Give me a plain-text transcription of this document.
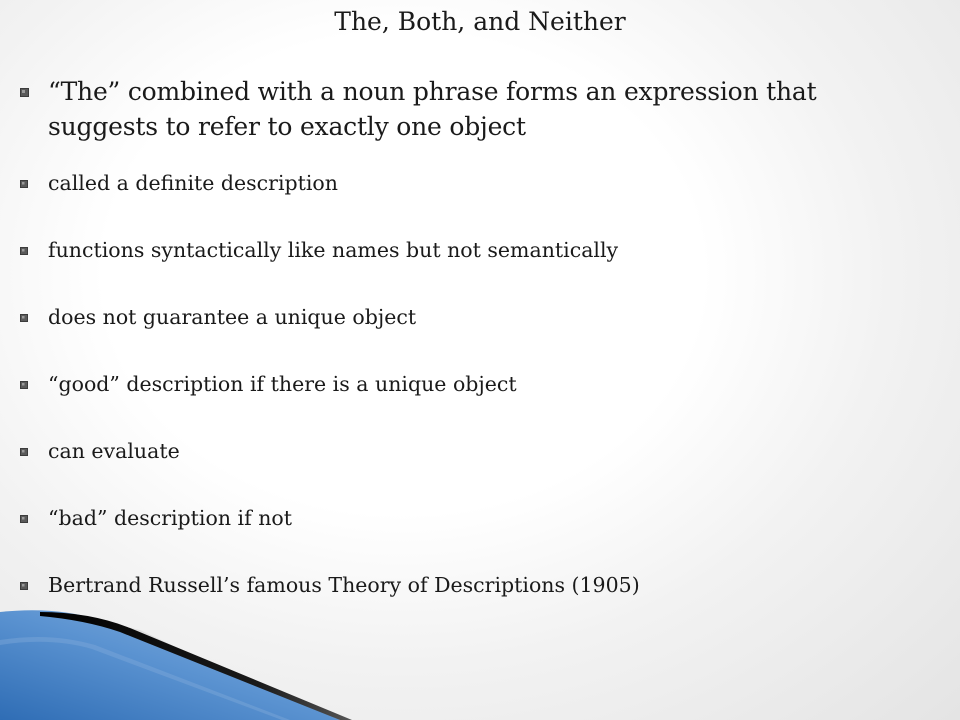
The, Both, and Neither
“The” combined with a noun phrase forms an expression that suggests to refer to exactly one object
called a definite description
functions syntactically like names but not semantically
does not guarantee a unique object
“good” description if there is a unique object
can evaluate
“bad” description if not
Bertrand Russell’s famous Theory of Descriptions (1905)
